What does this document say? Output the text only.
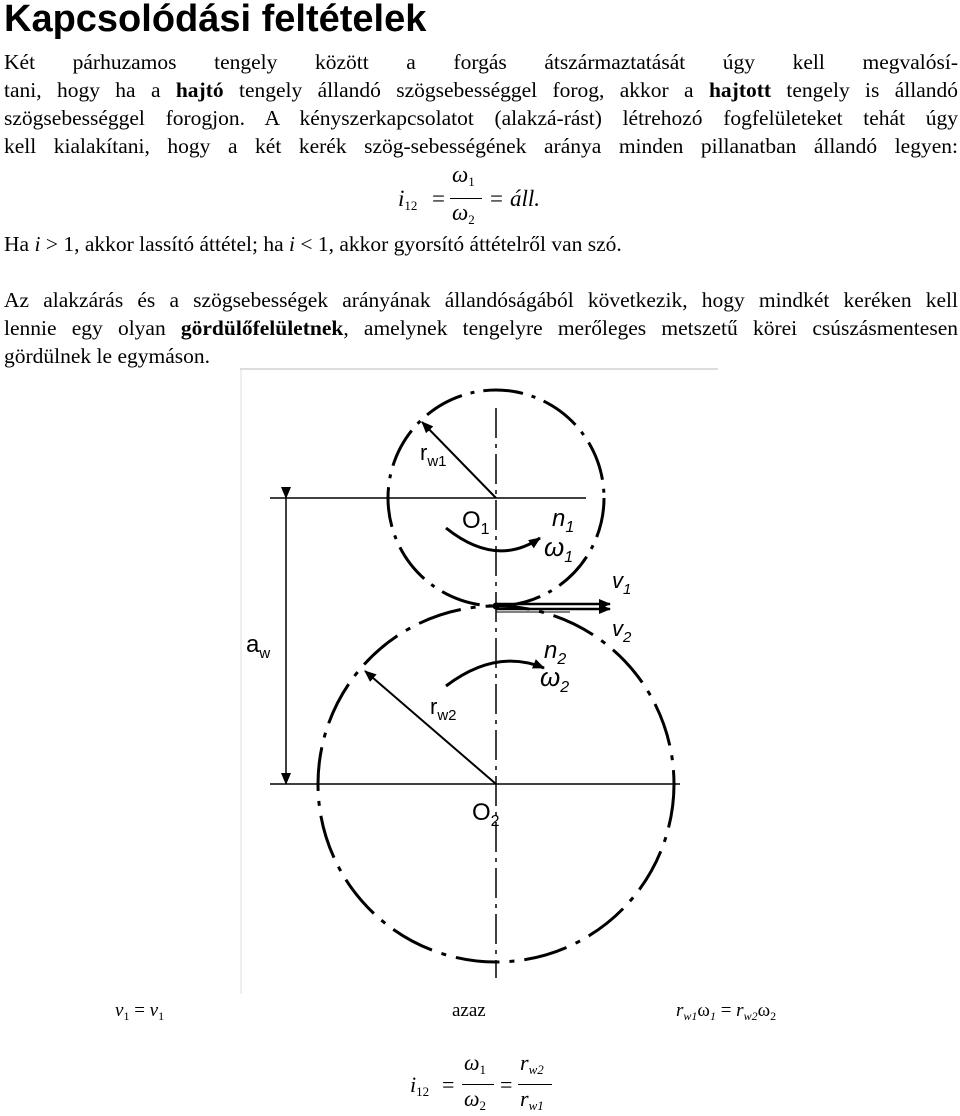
Kapcsolódási feltételek
Két párhuzamos tengely között a forgás átszármaztatását úgy kell megvalósí-
tani, hogy ha a hajtó tengely állandó szögsebességgel forog, akkor a hajtott tengely is állandó
szögsebességgel forogjon. A kényszerkapcsolatot (alakzá-rást) létrehozó fogfelületeket tehát úgy
kell kialakítani, hogy a két kerék szög-sebességének aránya minden pillanatban állandó legyen:
i12 =
ω1
ω2
= áll.
Ha i > 1, akkor lassító áttétel; ha i < 1, akkor gyorsító áttételről van szó.
Az alakzárás és a szögsebességek arányának állandóságából következik, hogy mindkét keréken kell
lennie egy olyan gördülőfelületnek, amelynek tengelyre merőleges metszetű körei csúszásmentesen
gördülnek le egymáson.
$r_{w1}$
$O_1$	$n_1$
$\omega_1$
$v_1$
$v_2$
$a_w$	$n_2$
$\omega_2$
$r_{w2}$
$O_2$
$v_1 = v_1$	azaz	$r_{w1}\omega_1 = r_{w2}\omega_2$
i12 =
ω1
ω2
=
rw2
rw1
